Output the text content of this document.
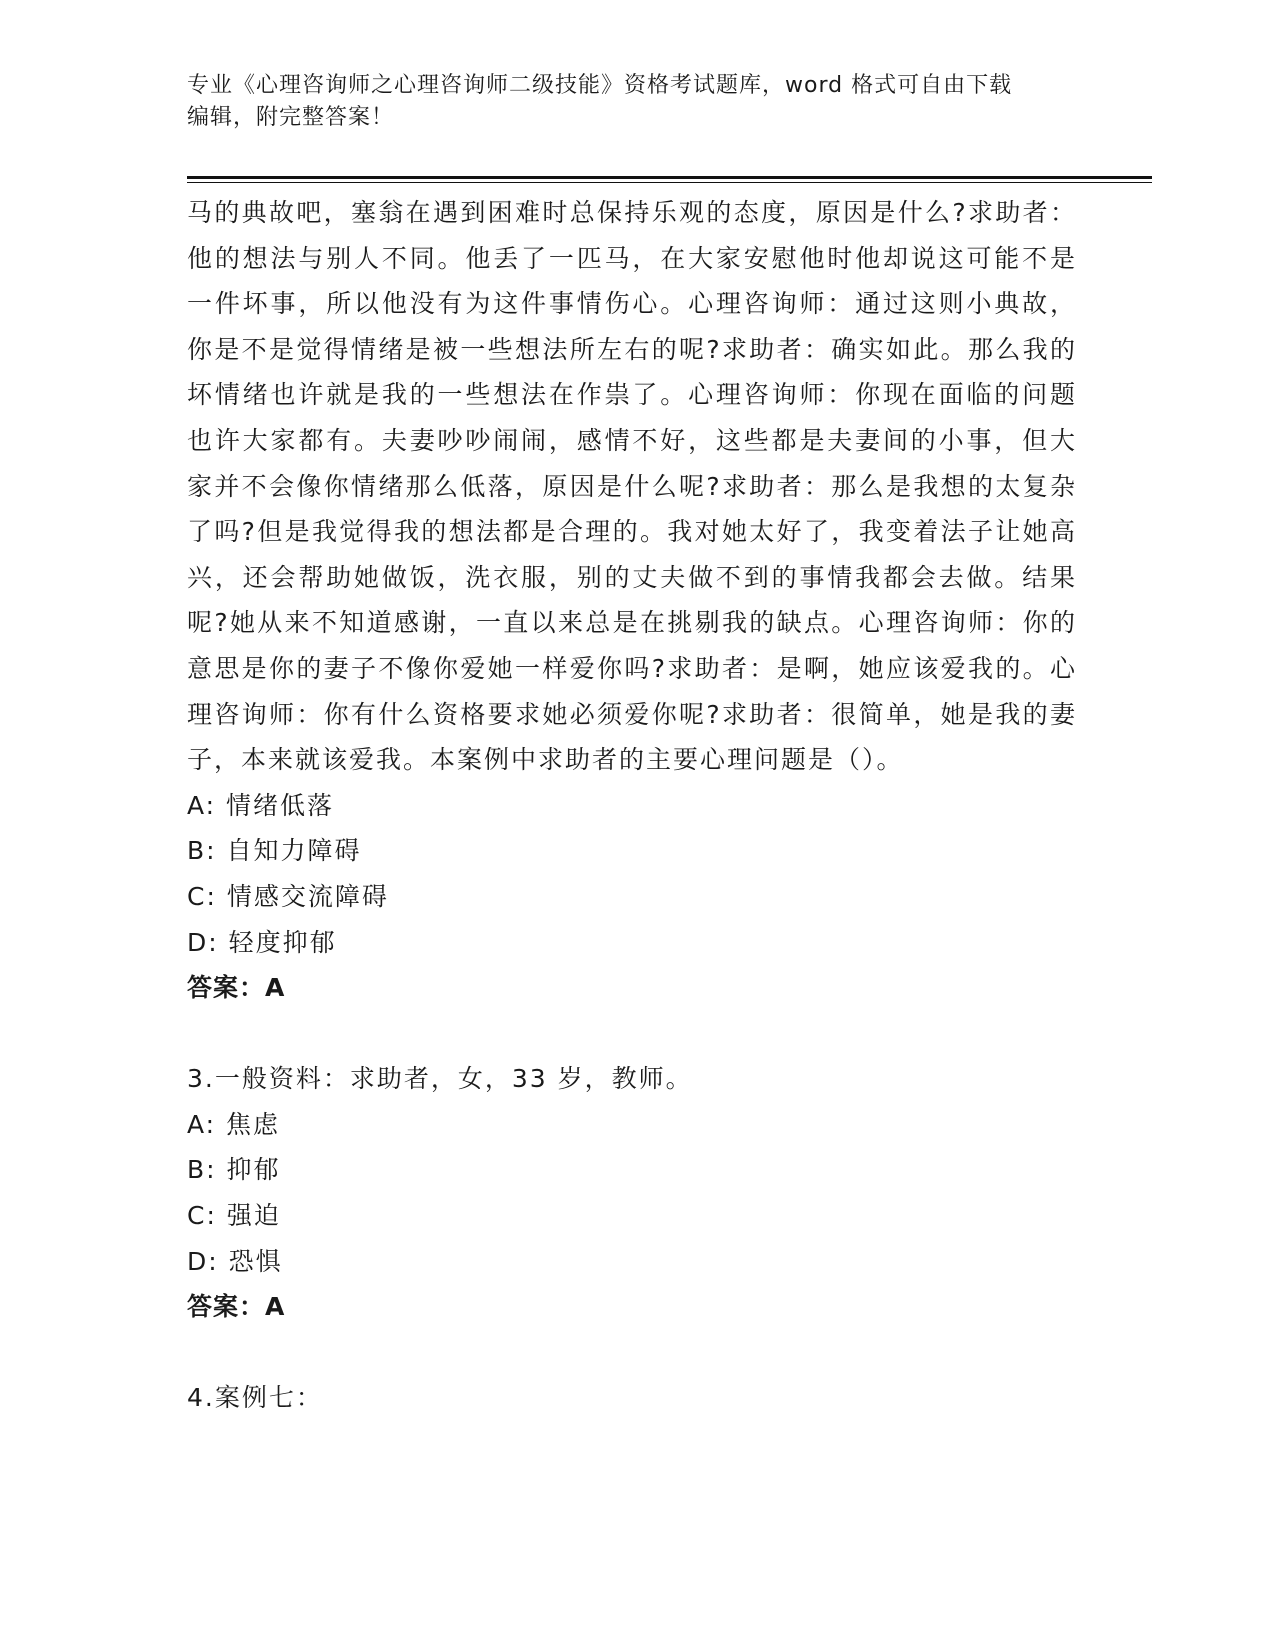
专业《心理咨询师之心理咨询师二级技能》资格考试题库，word 格式可自由下载
编辑，附完整答案！

马的典故吧，塞翁在遇到困难时总保持乐观的态度，原因是什么?求助者：他的想法与别人不同。他丢了一匹马，在大家安慰他时他却说这可能不是一件坏事，所以他没有为这件事情伤心。心理咨询师：通过这则小典故，你是不是觉得情绪是被一些想法所左右的呢?求助者：确实如此。那么我的坏情绪也许就是我的一些想法在作祟了。心理咨询师：你现在面临的问题也许大家都有。夫妻吵吵闹闹，感情不好，这些都是夫妻间的小事，但大家并不会像你情绪那么低落，原因是什么呢?求助者：那么是我想的太复杂了吗?但是我觉得我的想法都是合理的。我对她太好了，我变着法子让她高兴，还会帮助她做饭，洗衣服，别的丈夫做不到的事情我都会去做。结果呢?她从来不知道感谢，一直以来总是在挑剔我的缺点。心理咨询师：你的意思是你的妻子不像你爱她一样爱你吗?求助者：是啊，她应该爱我的。心理咨询师：你有什么资格要求她必须爱你呢?求助者：很简单，她是我的妻子，本来就该爱我。本案例中求助者的主要心理问题是（）。

A: 情绪低落

B: 自知力障碍

C: 情感交流障碍

D: 轻度抑郁

答案：A

3.一般资料：求助者，女，33 岁，教师。

A: 焦虑

B: 抑郁

C: 强迫

D: 恐惧

答案：A

4.案例七：
